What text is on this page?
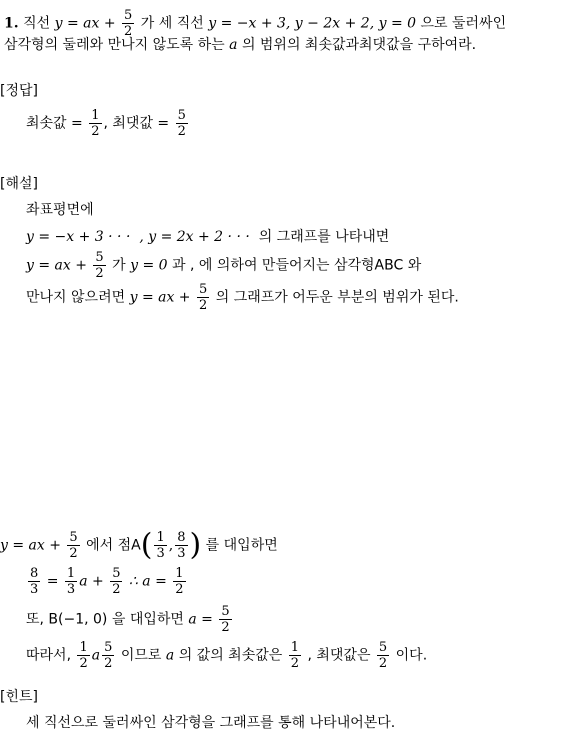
1. 직선 y = ax + $\frac{5}{2}$ 가 세 직선 y = −x + 3, y − 2x + 2, y = 0 으로 둘러싸인
삼각형의 둘레와 만나지 않도록 하는 a 의 범위의 최솟값과최댓값을 구하여라.
[정답]
최솟값 = $\frac{1}{2}$ , 최댓값 = $\frac{5}{2}$
[해설]
좌표평면에
y = −x + 3 · · · , y = 2x + 2 · · · 의 그래프를 나타내면
y = ax + $\frac{5}{2}$ 가 y = 0 과 , 에 의하여 만들어지는 삼각형ABC 와
만나지 않으려면 y = ax + $\frac{5}{2}$ 의 그래프가 어두운 부분의 범위가 된다.
y = ax + $\frac{5}{2}$ 에서 점$A( \frac{1}{3}$ , $\frac{8}{3}$ ) 를 대입하면
$\frac{8}{3} = \frac{1}{3}$ $a + \frac{5}{2}$ ∴ $a = \frac{1}{2}$
또, B(−1, 0) 을 대입하면 $a = \frac{5}{2}$
따라서, $\frac{1}{2}$ a $\frac{5}{2}$ 이므로 a 의 값의 최솟값은 $\frac{1}{2}$ , 최댓값은 $\frac{5}{2}$ 이다.
[힌트]
세 직선으로 둘러싸인 삼각형을 그래프를 통해 나타내어본다.
